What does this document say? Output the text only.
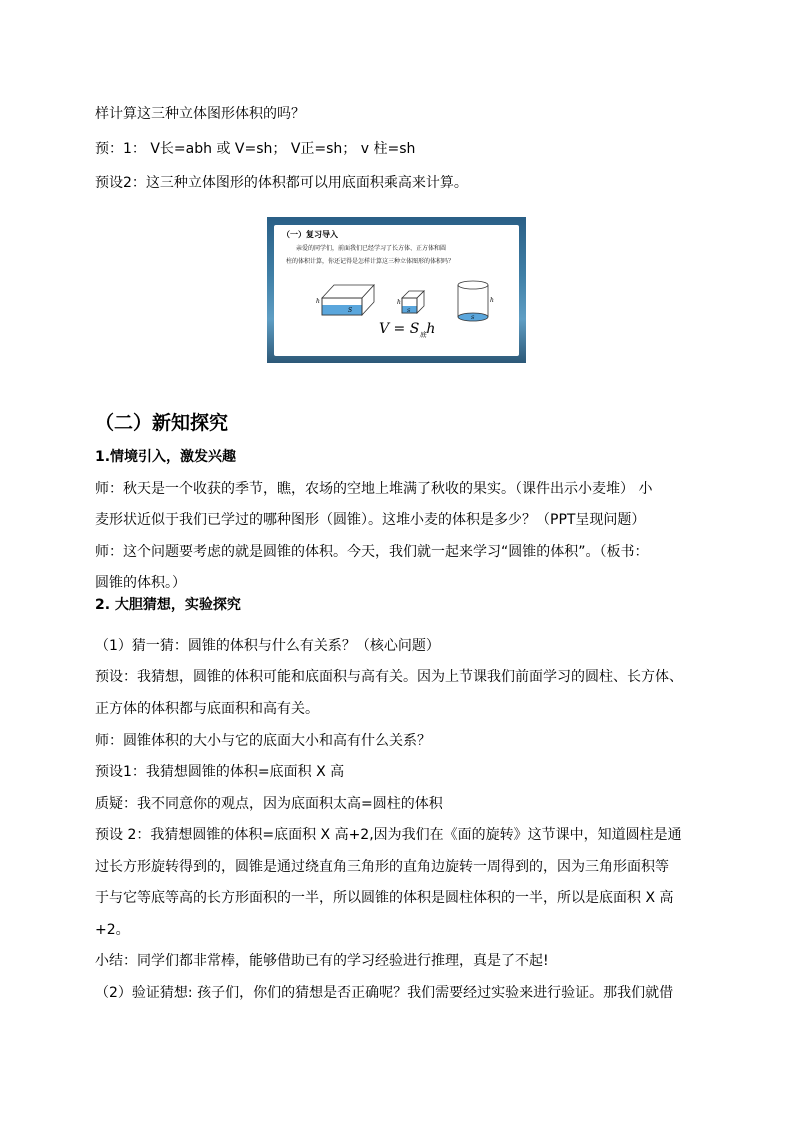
样计算这三种立体图形体积的吗？
预：1： V长=abh 或 V=sh； V正=sh； v 柱=sh
预设2：这三种立体图形的体积都可以用底面积乘高来计算。
（一）复习导入
亲爱的同学们，前面我们已经学习了长方体、正方体和圆
柱的体积计算，你还记得是怎样计算这三种立体图形的体积吗？
S
h
S
h
S
h
$V = S_底h$
（二）新知探究
1.情境引入，激发兴趣
师：秋天是一个收获的季节，瞧，农场的空地上堆满了秋收的果实。（课件出示小麦堆） 小
麦形状近似于我们已学过的哪种图形（圆锥）。这堆小麦的体积是多少？（PPT呈现问题）
师：这个问题要考虑的就是圆锥的体积。今天，我们就一起来学习“圆锥的体积”。（板书：
圆锥的体积。）
2. 大胆猜想，实验探究
（1）猜一猜：圆锥的体积与什么有关系？（核心问题）
预设：我猜想，圆锥的体积可能和底面积与高有关。因为上节课我们前面学习的圆柱、长方体、
正方体的体积都与底面积和高有关。
师：圆锥体积的大小与它的底面大小和高有什么关系？
预设1：我猜想圆锥的体积=底面积 X 高
质疑：我不同意你的观点，因为底面积太高=圆柱的体积
预设 2：我猜想圆锥的体积=底面积 X 高+2,因为我们在《面的旋转》这节课中，知道圆柱是通
过长方形旋转得到的，圆锥是通过绕直角三角形的直角边旋转一周得到的，因为三角形面积等
于与它等底等高的长方形面积的一半，所以圆锥的体积是圆柱体积的一半，所以是底面积 X 高
+2。
小结：同学们都非常棒，能够借助已有的学习经验进行推理，真是了不起!
（2）验证猜想: 孩子们，你们的猜想是否正确呢？我们需要经过实验来进行验证。那我们就借
